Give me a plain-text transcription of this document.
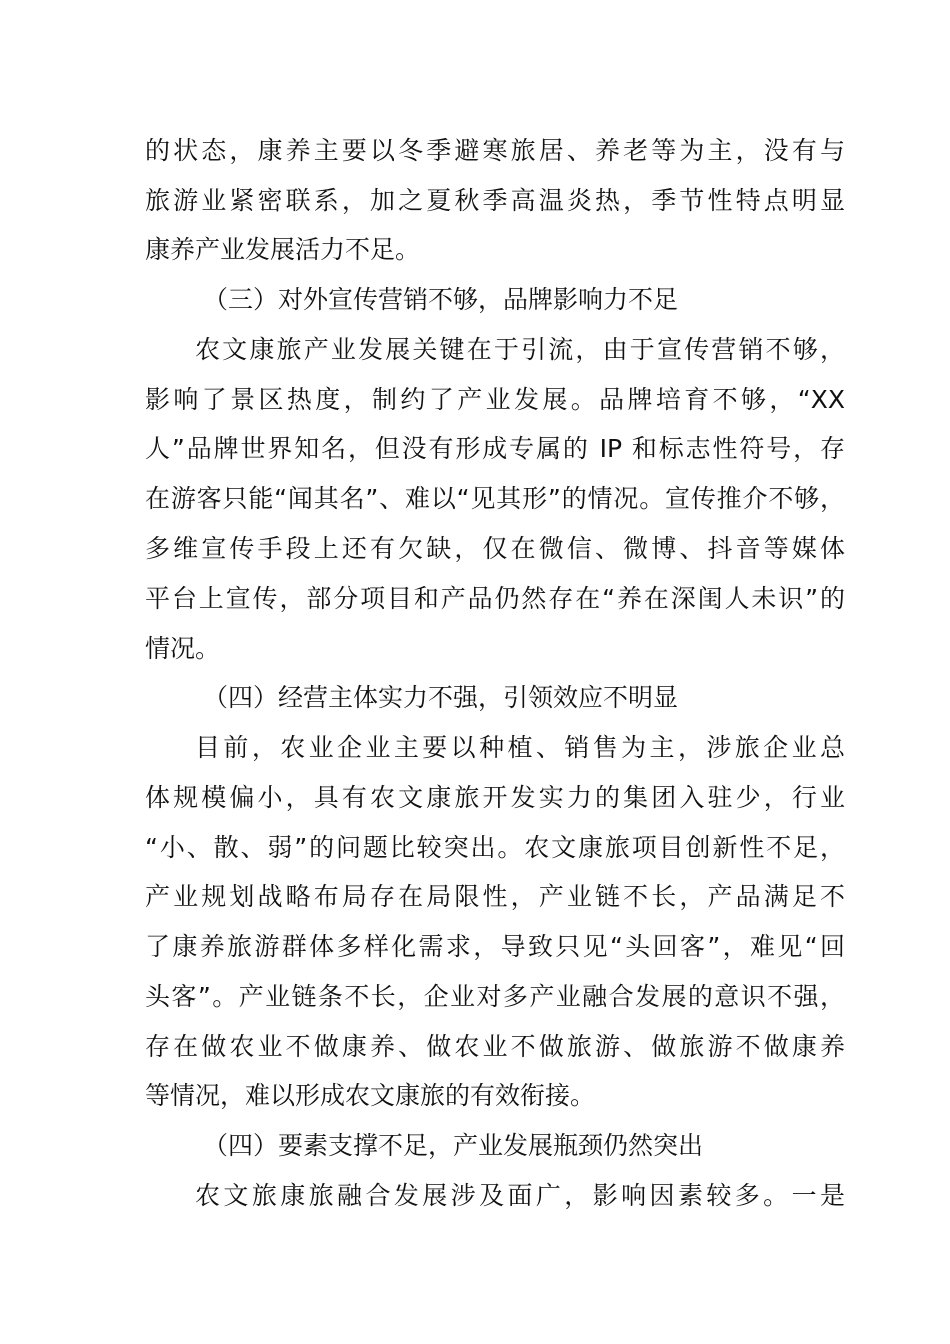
的状态，康养主要以冬季避寒旅居、养老等为主，没有与
旅游业紧密联系，加之夏秋季高温炎热，季节性特点明显
康养产业发展活力不足。
（三）对外宣传营销不够，品牌影响力不足
农文康旅产业发展关键在于引流，由于宣传营销不够，
影响了景区热度，制约了产业发展。品牌培育不够，“XX
人”品牌世界知名，但没有形成专属的 IP 和标志性符号，存
在游客只能“闻其名”、难以“见其形”的情况。宣传推介不够，
多维宣传手段上还有欠缺，仅在微信、微博、抖音等媒体
平台上宣传，部分项目和产品仍然存在“养在深闺人未识”的
情况。
（四）经营主体实力不强，引领效应不明显
目前，农业企业主要以种植、销售为主，涉旅企业总
体规模偏小，具有农文康旅开发实力的集团入驻少，行业
“小、散、弱”的问题比较突出。农文康旅项目创新性不足，
产业规划战略布局存在局限性，产业链不长，产品满足不
了康养旅游群体多样化需求，导致只见“头回客”，难见“回
头客”。产业链条不长，企业对多产业融合发展的意识不强，
存在做农业不做康养、做农业不做旅游、做旅游不做康养
等情况，难以形成农文康旅的有效衔接。
（四）要素支撑不足，产业发展瓶颈仍然突出
农文旅康旅融合发展涉及面广，影响因素较多。一是
